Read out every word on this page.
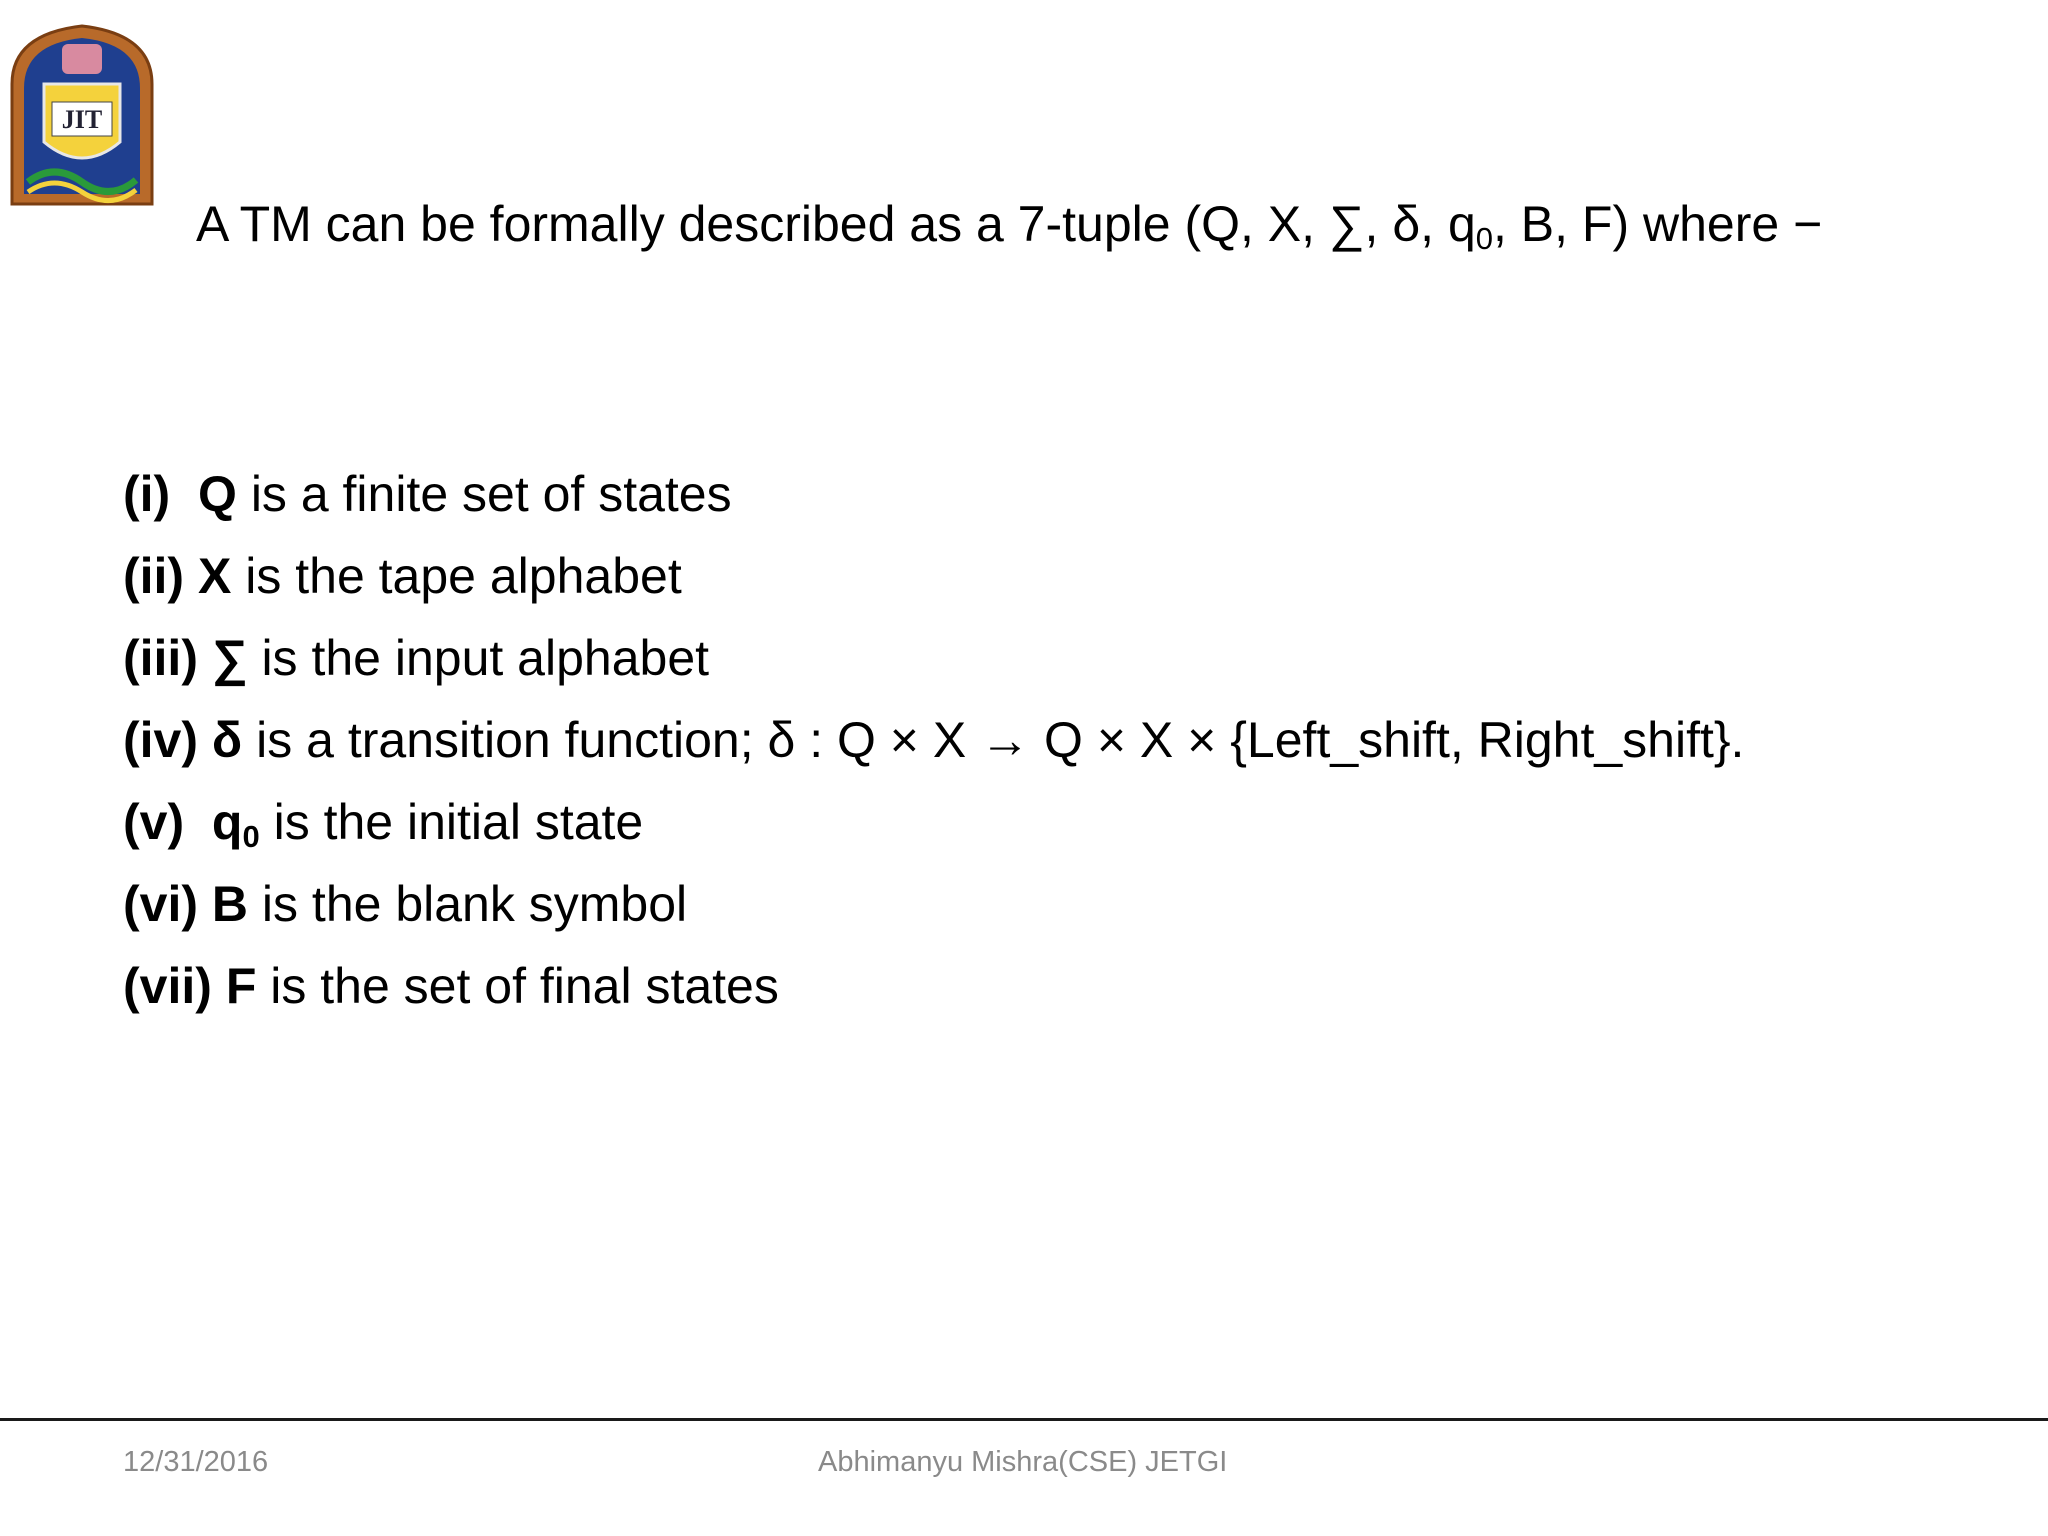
JIT
A TM can be formally described as a 7-tuple (Q, X, ∑, δ, $q_0$, B, F) where −
(i) Q is a finite set of states
(ii) X is the tape alphabet
(iii) ∑ is the input alphabet
(iv) δ is a transition function; δ : Q × X → Q × X × {Left_shift, Right_shift}.
(v) $q_0$ is the initial state
(vi) B is the blank symbol
(vii) F is the set of final states
12/31/2016	Abhimanyu Mishra(CSE) JETGI
